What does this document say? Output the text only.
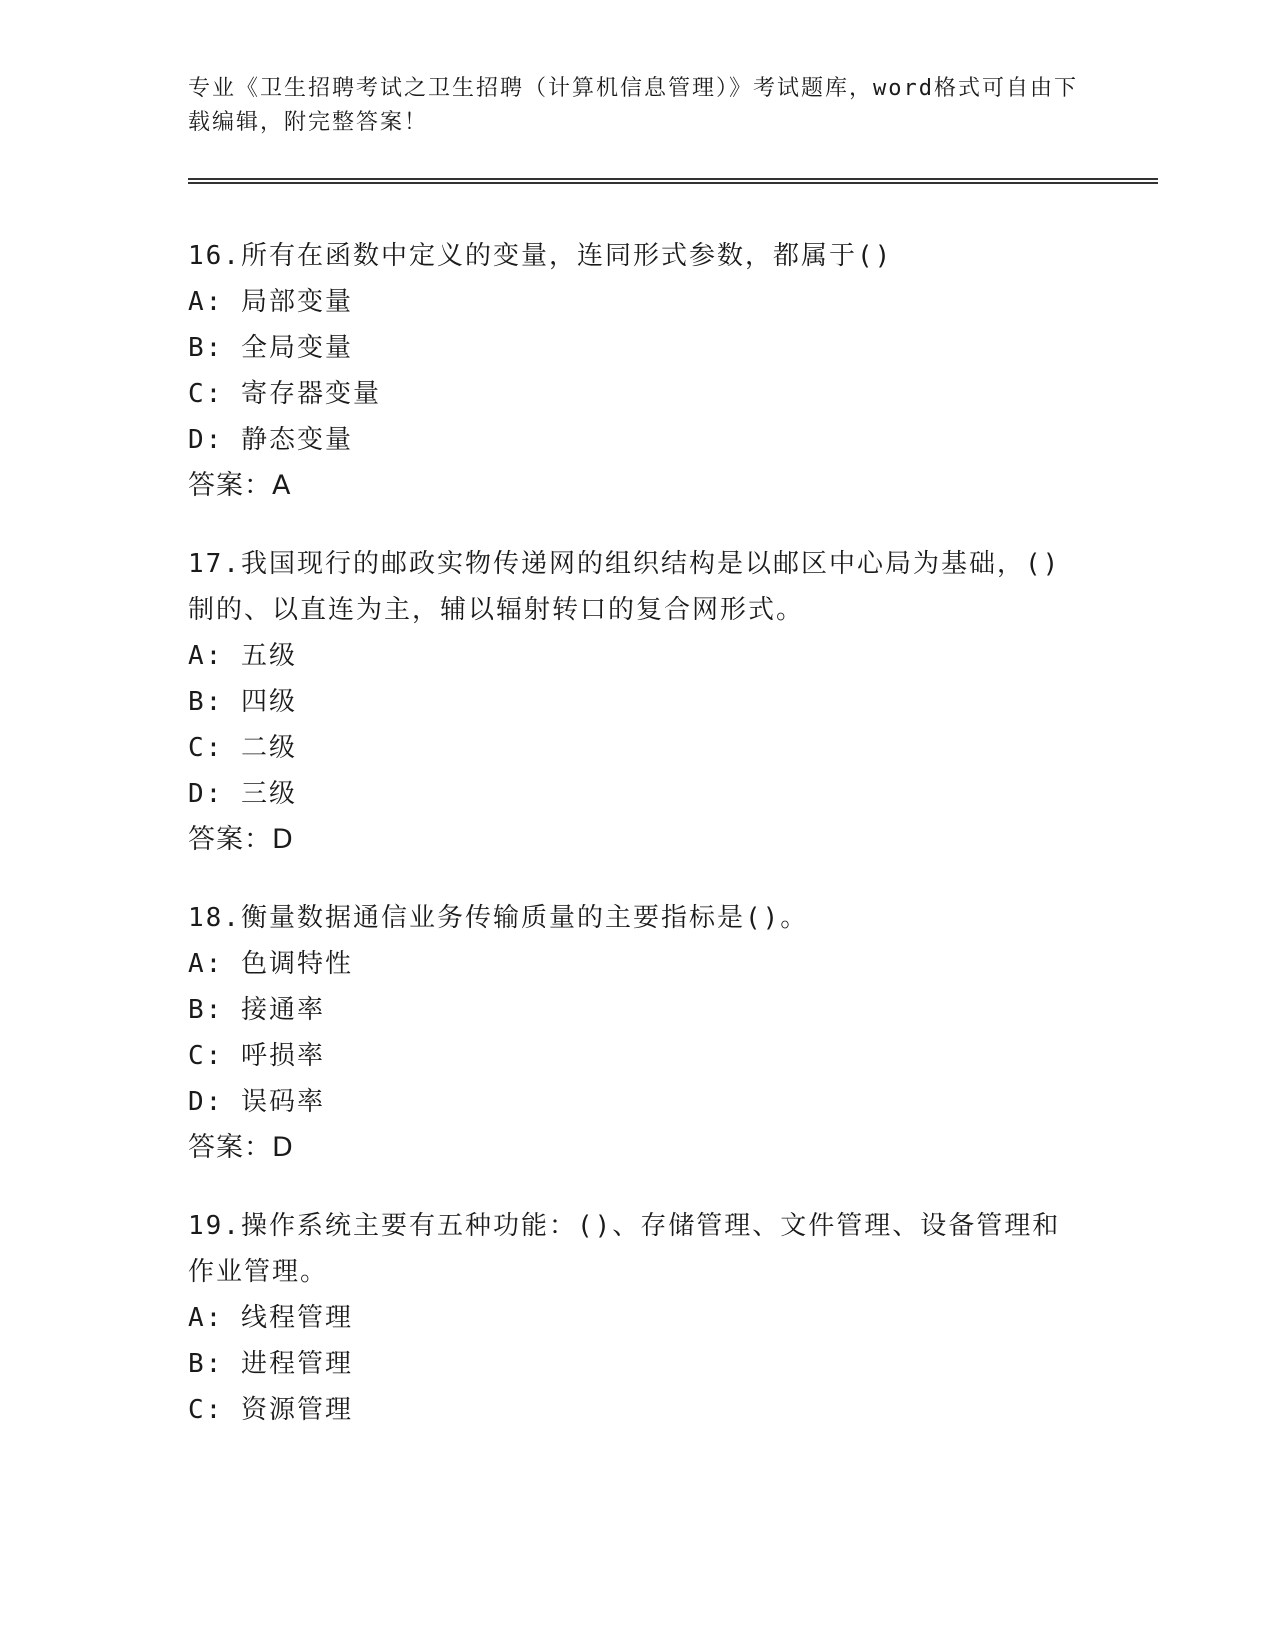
专业《卫生招聘考试之卫生招聘（计算机信息管理）》考试题库，word格式可自由下载编辑，附完整答案！

16.所有在函数中定义的变量，连同形式参数，都属于()

A: 局部变量

B: 全局变量

C: 寄存器变量

D: 静态变量

答案：A

17.我国现行的邮政实物传递网的组织结构是以邮区中心局为基础，()制的、以直连为主，辅以辐射转口的复合网形式。

A: 五级

B: 四级

C: 二级

D: 三级

答案：D

18.衡量数据通信业务传输质量的主要指标是()。

A: 色调特性

B: 接通率

C: 呼损率

D: 误码率

答案：D

19.操作系统主要有五种功能：()、存储管理、文件管理、设备管理和作业管理。

A: 线程管理

B: 进程管理

C: 资源管理
